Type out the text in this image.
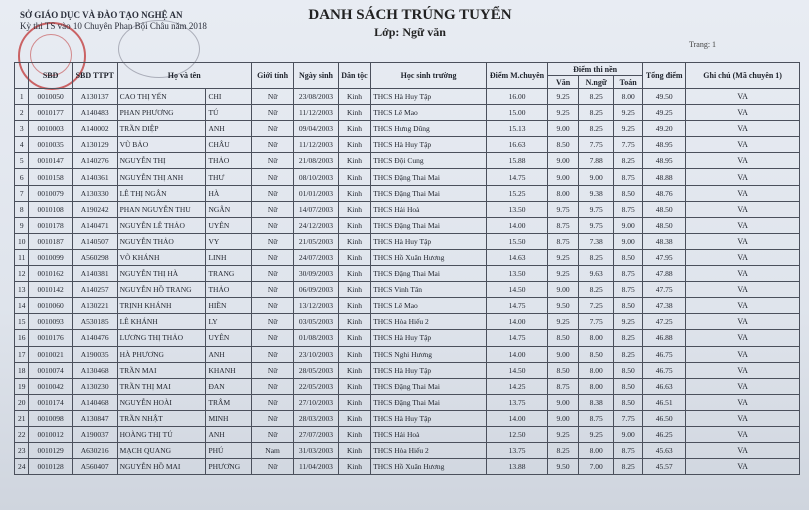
SỞ GIÁO DỤC VÀ ĐÀO TẠO NGHỆ AN
Kỳ thi TS vào 10 Chuyên Phan Bội Châu năm 2018
DANH SÁCH TRÚNG TUYỂN
Lớp: Ngữ văn
Trang: 1
	SBD	SBD TTPT	Họ và tên		Giới tính	Ngày sinh	Dân tộc	Học sinh trường	Điểm M.chuyên	Điểm thi nền			Tổng điểm	Ghi chú (Mã chuyên 1)
										Văn	N.ngữ	Toán		
1	0010050	A130137	CAO THỊ YẾN	CHI	Nữ	23/08/2003	Kinh	THCS Hà Huy Tập	16.00	9.25	8.25	8.00	49.50	VA
2	0010177	A140483	PHAN PHƯƠNG	TÚ	Nữ	11/12/2003	Kinh	THCS Lê Mao	15.00	9.25	8.25	9.25	49.25	VA
3	0010003	A140002	TRẦN DIỆP	ANH	Nữ	09/04/2003	Kinh	THCS Hưng Dũng	15.13	9.00	8.25	9.25	49.20	VA
4	0010035	A130129	VŨ BẢO	CHÂU	Nữ	11/12/2003	Kinh	THCS Hà Huy Tập	16.63	8.50	7.75	7.75	48.95	VA
5	0010147	A140276	NGUYỄN THỊ	THẢO	Nữ	21/08/2003	Kinh	THCS Đội Cung	15.88	9.00	7.88	8.25	48.95	VA
6	0010158	A140361	NGUYỄN THỊ ANH	THƯ	Nữ	08/10/2003	Kinh	THCS Đặng Thai Mai	14.75	9.00	9.00	8.75	48.88	VA
7	0010079	A130330	LÊ THỊ NGÂN	HÀ	Nữ	01/01/2003	Kinh	THCS Đặng Thai Mai	15.25	8.00	9.38	8.50	48.76	VA
8	0010108	A190242	PHAN NGUYỄN THU	NGÂN	Nữ	14/07/2003	Kinh	THCS Hải Hoà	13.50	9.75	9.75	8.75	48.50	VA
9	0010178	A140471	NGUYỄN LÊ THẢO	UYÊN	Nữ	24/12/2003	Kinh	THCS Đặng Thai Mai	14.00	8.75	9.75	9.00	48.50	VA
10	0010187	A140507	NGUYỄN THẢO	VY	Nữ	21/05/2003	Kinh	THCS Hà Huy Tập	15.50	8.75	7.38	9.00	48.38	VA
11	0010099	A560298	VÕ KHÁNH	LINH	Nữ	24/07/2003	Kinh	THCS Hồ Xuân Hương	14.63	9.25	8.25	8.50	47.95	VA
12	0010162	A140381	NGUYỄN THỊ HÀ	TRANG	Nữ	30/09/2003	Kinh	THCS Đặng Thai Mai	13.50	9.25	9.63	8.75	47.88	VA
13	0010142	A140257	NGUYỄN HỒ TRANG	THẢO	Nữ	06/09/2003	Kinh	THCS Vinh Tân	14.50	9.00	8.25	8.75	47.75	VA
14	0010060	A130221	TRỊNH KHÁNH	HIỀN	Nữ	13/12/2003	Kinh	THCS Lê Mao	14.75	9.50	7.25	8.50	47.38	VA
15	0010093	A530185	LÊ KHÁNH	LY	Nữ	03/05/2003	Kinh	THCS Hòa Hiếu 2	14.00	9.25	7.75	9.25	47.25	VA
16	0010176	A140476	LƯƠNG THỊ THẢO	UYÊN	Nữ	01/08/2003	Kinh	THCS Hà Huy Tập	14.75	8.50	8.00	8.25	46.88	VA
17	0010021	A190035	HÀ PHƯƠNG	ANH	Nữ	23/10/2003	Kinh	THCS Nghi Hương	14.00	9.00	8.50	8.25	46.75	VA
18	0010074	A130468	TRẦN MAI	KHANH	Nữ	28/05/2003	Kinh	THCS Hà Huy Tập	14.50	8.50	8.00	8.50	46.75	VA
19	0010042	A130230	TRẦN THỊ MAI	ĐAN	Nữ	22/05/2003	Kinh	THCS Đặng Thai Mai	14.25	8.75	8.00	8.50	46.63	VA
20	0010174	A140468	NGUYỄN HOÀI	TRÂM	Nữ	27/10/2003	Kinh	THCS Đặng Thai Mai	13.75	9.00	8.38	8.50	46.51	VA
21	0010098	A130847	TRẦN NHẬT	MINH	Nữ	28/03/2003	Kinh	THCS Hà Huy Tập	14.00	9.00	8.75	7.75	46.50	VA
22	0010012	A190037	HOÀNG THỊ TÚ	ANH	Nữ	27/07/2003	Kinh	THCS Hải Hoà	12.50	9.25	9.25	9.00	46.25	VA
23	0010129	A630216	MẠCH QUANG	PHÚ	Nam	31/03/2003	Kinh	THCS Hòa Hiếu 2	13.75	8.25	8.00	8.75	45.63	VA
24	0010128	A560407	NGUYỄN HỒ MAI	PHƯƠNG	Nữ	11/04/2003	Kinh	THCS Hồ Xuân Hương	13.88	9.50	7.00	8.25	45.57	VA
